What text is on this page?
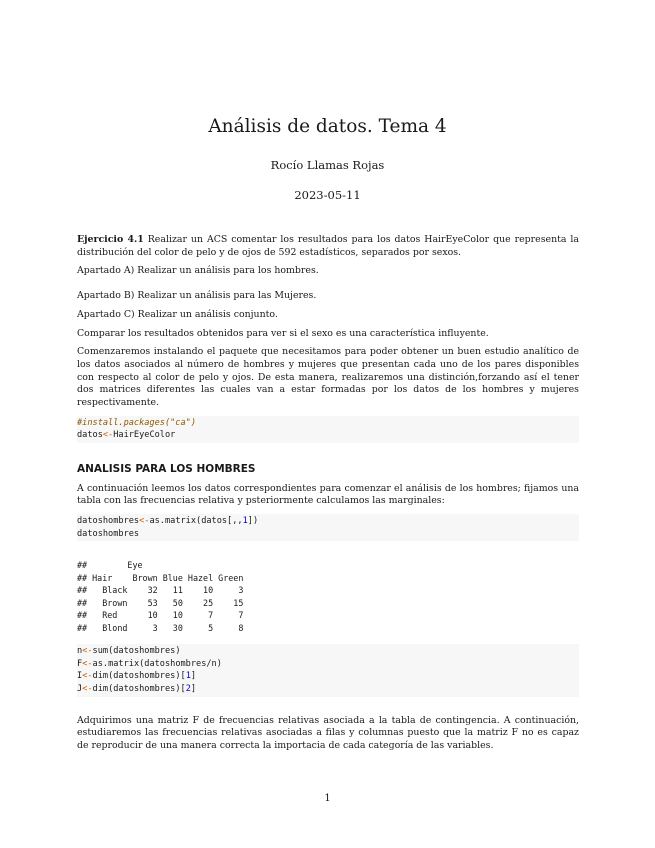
Análisis de datos. Tema 4
Rocío Llamas Rojas
2023-05-11

Ejercicio 4.1 Realizar un ACS comentar los resultados para los datos HairEyeColor que representa la distribución del color de pelo y de ojos de 592 estadísticos, separados por sexos.

Apartado A) Realizar un análisis para los hombres.

Apartado B) Realizar un análisis para las Mujeres.

Apartado C) Realizar un análisis conjunto.

Comparar los resultados obtenidos para ver si el sexo es una característica influyente.

Comenzaremos instalando el paquete que necesitamos para poder obtener un buen estudio analítico de los datos asociados al número de hombres y mujeres que presentan cada uno de los pares disponibles con respecto al color de pelo y ojos. De esta manera, realizaremos una distinción,forzando así el tener dos matrices diferentes las cuales van a estar formadas por los datos de los hombres y mujeres respectivamente.

#install.packages("ca")
datos<-HairEyeColor
ANALISIS PARA LOS HOMBRES

A continuación leemos los datos correspondientes para comenzar el análisis de los hombres; fijamos una tabla con las frecuencias relativa y psteriormente calculamos las marginales:

datoshombres<-as.matrix(datos[,,1])
datoshombres
##        Eye
## Hair    Brown Blue Hazel Green
##   Black    32   11    10     3
##   Brown    53   50    25    15
##   Red      10   10     7     7
##   Blond     3   30     5     8
n<-sum(datoshombres)
F<-as.matrix(datoshombres/n)
I<-dim(datoshombres)[1]
J<-dim(datoshombres)[2]

Adquirimos una matriz F de frecuencias relativas asociada a la tabla de contingencia. A continuación, estudiaremos las frecuencias relativas asociadas a filas y columnas puesto que la matriz F no es capaz de reproducir de una manera correcta la importacia de cada categoría de las variables.

1
